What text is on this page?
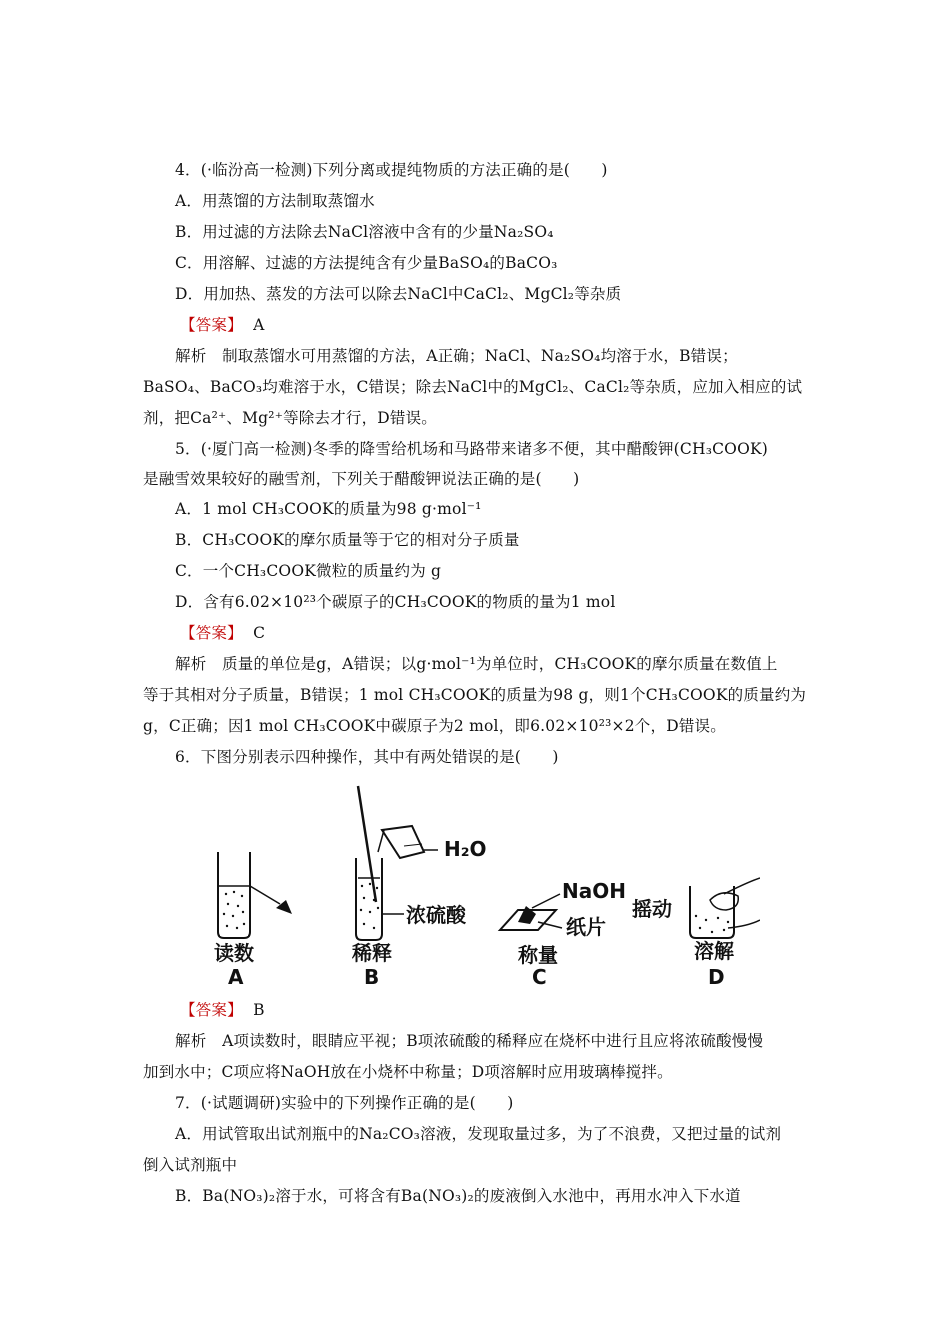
4．(·临汾高一检测)下列分离或提纯物质的方法正确的是(　　)
A．用蒸馏的方法制取蒸馏水
B．用过滤的方法除去NaCl溶液中含有的少量Na₂SO₄
C．用溶解、过滤的方法提纯含有少量BaSO₄的BaCO₃
D．用加热、蒸发的方法可以除去NaCl中CaCl₂、MgCl₂等杂质
【答案】 A
解析　制取蒸馏水可用蒸馏的方法，A正确；NaCl、Na₂SO₄均溶于水，B错误；
BaSO₄、BaCO₃均难溶于水，C错误；除去NaCl中的MgCl₂、CaCl₂等杂质，应加入相应的试
剂，把Ca²⁺、Mg²⁺等除去才行，D错误。
5．(·厦门高一检测)冬季的降雪给机场和马路带来诸多不便，其中醋酸钾(CH₃COOK)
是融雪效果较好的融雪剂，下列关于醋酸钾说法正确的是(　　)
A．1 mol CH₃COOK的质量为98 g·mol⁻¹
B．CH₃COOK的摩尔质量等于它的相对分子质量
C．一个CH₃COOK微粒的质量约为 g
D．含有6.02×10²³个碳原子的CH₃COOK的物质的量为1 mol
【答案】 C
解析　质量的单位是g，A错误；以g·mol⁻¹为单位时，CH₃COOK的摩尔质量在数值上
等于其相对分子质量，B错误；1 mol CH₃COOK的质量为98 g，则1个CH₃COOK的质量约为
g，C正确；因1 mol CH₃COOK中碳原子为2 mol，即6.02×10²³×2个，D错误。
6．下图分别表示四种操作，其中有两处错误的是(　　)
H₂O
浓硫酸
NaOH
纸片
摇动
读数	稀释	称量	溶解
A	B	C	D
【答案】 B
解析　A项读数时，眼睛应平视；B项浓硫酸的稀释应在烧杯中进行且应将浓硫酸慢慢
加到水中；C项应将NaOH放在小烧杯中称量；D项溶解时应用玻璃棒搅拌。
7．(·试题调研)实验中的下列操作正确的是(　　)
A．用试管取出试剂瓶中的Na₂CO₃溶液，发现取量过多，为了不浪费，又把过量的试剂
倒入试剂瓶中
B．Ba(NO₃)₂溶于水，可将含有Ba(NO₃)₂的废液倒入水池中，再用水冲入下水道
